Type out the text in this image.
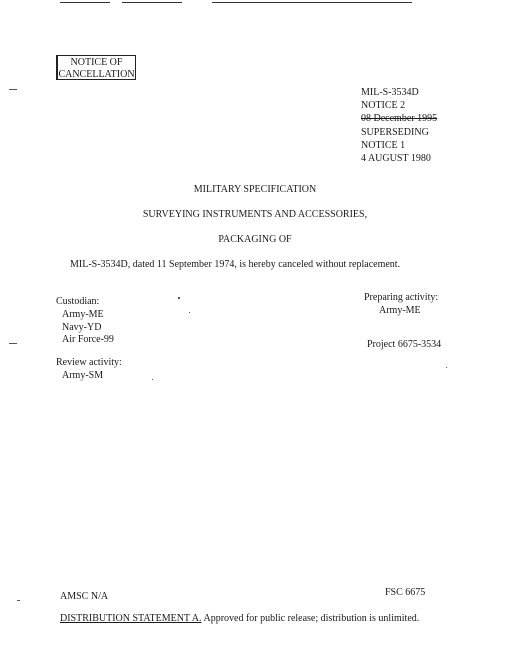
NOTICE OF
CANCELLATION
MIL-S-3534D
NOTICE 2
08 December 1995
SUPERSEDING
NOTICE 1
4 AUGUST 1980
MILITARY SPECIFICATION
SURVEYING INSTRUMENTS AND ACCESSORIES,
PACKAGING OF
MIL-S-3534D, dated 11 September 1974, is hereby canceled without replacement.
Custodian:
Army-ME
Navy-YD
Air Force-99
Preparing activity:
Army-ME
Project 6675-3534
Review activity:
Army-SM
AMSC N/A	FSC 6675
DISTRIBUTION STATEMENT A. Approved for public release; distribution is unlimited.
